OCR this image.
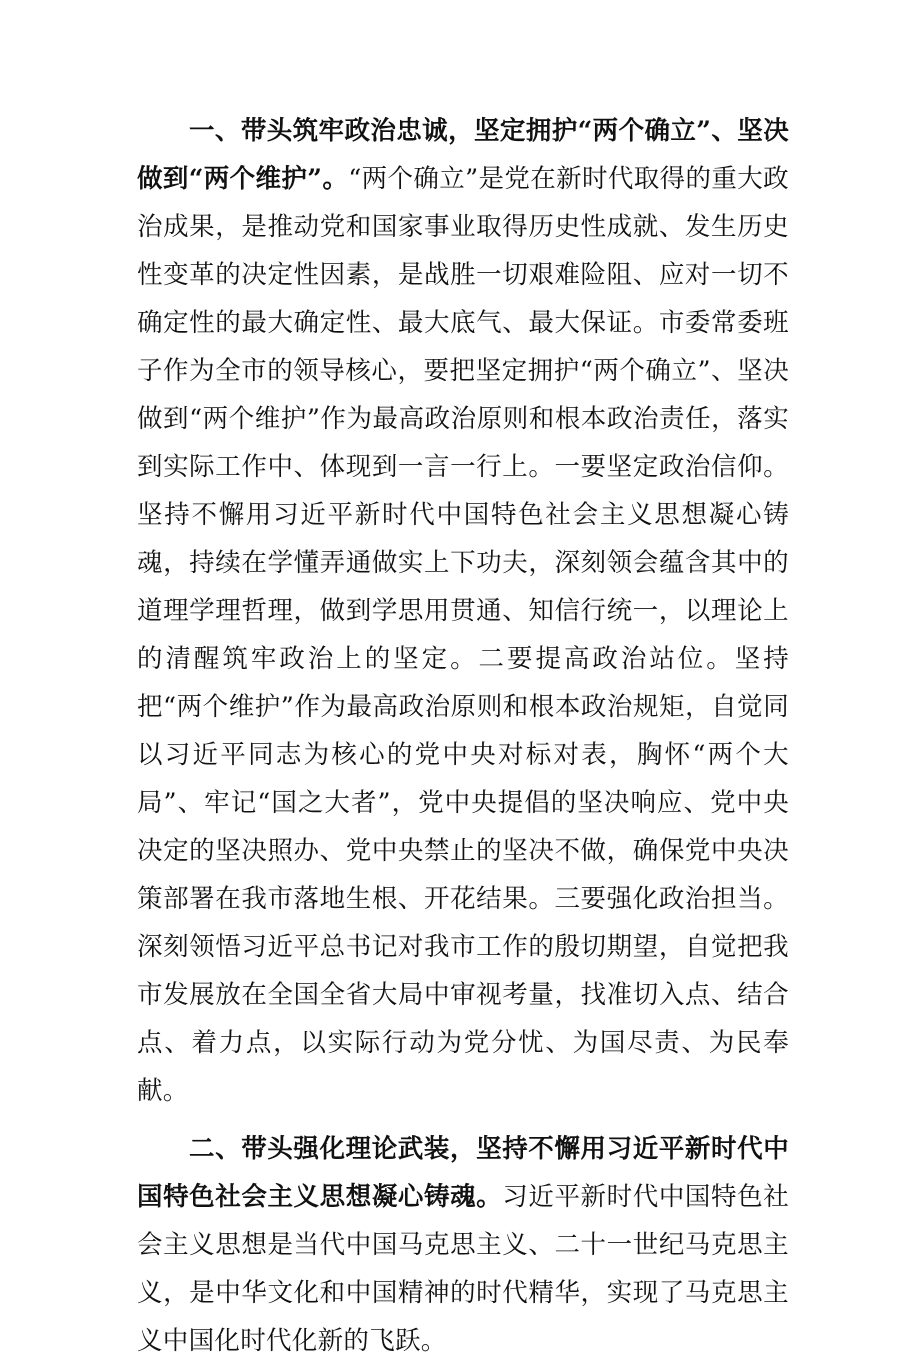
一、带头筑牢政治忠诚，坚定拥护“两个确立”、坚决做到“两个维护”。“两个确立”是党在新时代取得的重大政治成果，是推动党和国家事业取得历史性成就、发生历史性变革的决定性因素，是战胜一切艰难险阻、应对一切不确定性的最大确定性、最大底气、最大保证。市委常委班子作为全市的领导核心，要把坚定拥护“两个确立”、坚决做到“两个维护”作为最高政治原则和根本政治责任，落实到实际工作中、体现到一言一行上。一要坚定政治信仰。坚持不懈用习近平新时代中国特色社会主义思想凝心铸魂，持续在学懂弄通做实上下功夫，深刻领会蕴含其中的道理学理哲理，做到学思用贯通、知信行统一，以理论上的清醒筑牢政治上的坚定。二要提高政治站位。坚持把“两个维护”作为最高政治原则和根本政治规矩，自觉同以习近平同志为核心的党中央对标对表，胸怀“两个大局”、牢记“国之大者”，党中央提倡的坚决响应、党中央决定的坚决照办、党中央禁止的坚决不做，确保党中央决策部署在我市落地生根、开花结果。三要强化政治担当。深刻领悟习近平总书记对我市工作的殷切期望，自觉把我市发展放在全国全省大局中审视考量，找准切入点、结合点、着力点，以实际行动为党分忧、为国尽责、为民奉献。

二、带头强化理论武装，坚持不懈用习近平新时代中国特色社会主义思想凝心铸魂。习近平新时代中国特色社会主义思想是当代中国马克思主义、二十一世纪马克思主义，是中华文化和中国精神的时代精华，实现了马克思主义中国化时代化新的飞跃。
